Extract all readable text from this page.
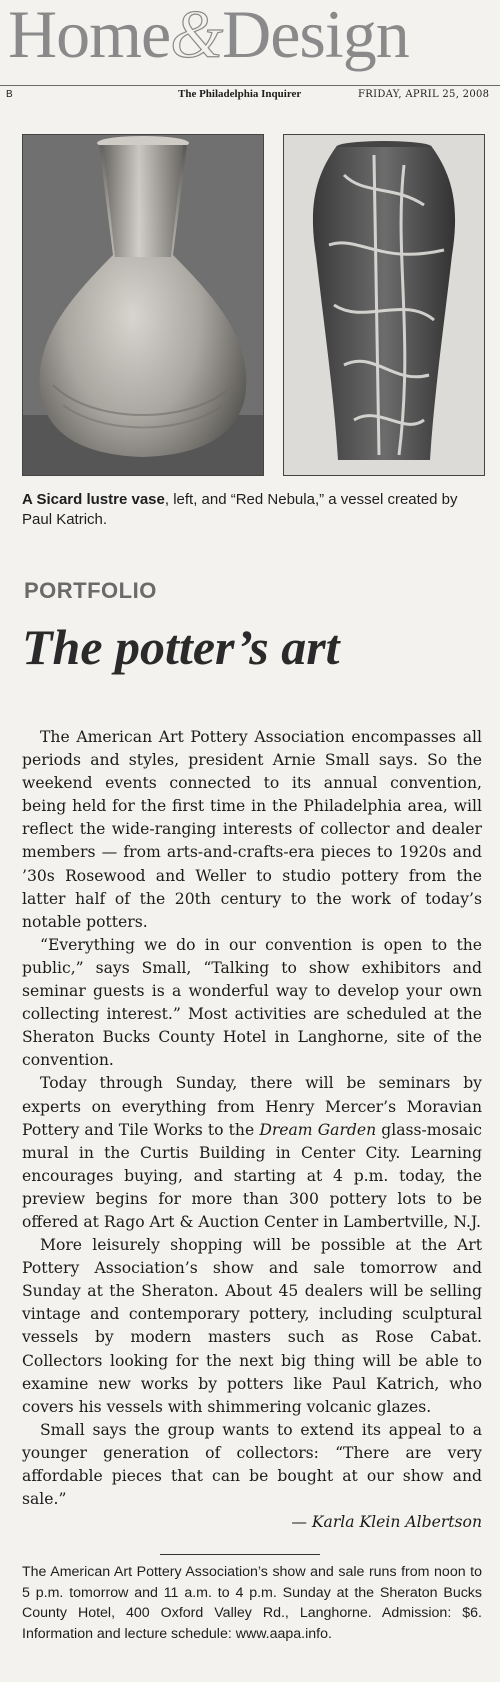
Home&Design
B	The Philadelphia Inquirer	FRIDAY, APRIL 25, 2008

A Sicard lustre vase, left, and “Red Nebula,” a vessel created by Paul Katrich.

PORTFOLIO
The potter’s art

The American Art Pottery Association encompasses all periods and styles, president Arnie Small says. So the weekend events connected to its annual convention, being held for the first time in the Philadelphia area, will reflect the wide-ranging interests of collector and dealer members — from arts-and-crafts-era pieces to 1920s and ’30s Rosewood and Weller to studio pottery from the latter half of the 20th century to the work of today’s notable potters.

“Everything we do in our convention is open to the public,” says Small, “Talking to show exhibitors and seminar guests is a wonderful way to develop your own collecting interest.” Most activities are scheduled at the Sheraton Bucks County Hotel in Langhorne, site of the convention.

Today through Sunday, there will be seminars by experts on everything from Henry Mercer’s Moravian Pottery and Tile Works to the Dream Garden glass-mosaic mural in the Curtis Building in Center City. Learning encourages buying, and starting at 4 p.m. today, the preview begins for more than 300 pottery lots to be offered at Rago Art & Auction Center in Lambertville, N.J.

More leisurely shopping will be possible at the Art Pottery Association’s show and sale tomorrow and Sunday at the Sheraton. About 45 dealers will be selling vintage and contemporary pottery, including sculptural vessels by modern masters such as Rose Cabat. Collectors looking for the next big thing will be able to examine new works by potters like Paul Katrich, who covers his vessels with shimmering volcanic glazes.

Small says the group wants to extend its appeal to a younger generation of collectors: “There are very affordable pieces that can be bought at our show and sale.”

— Karla Klein Albertson

The American Art Pottery Association’s show and sale runs from noon to 5 p.m. tomorrow and 11 a.m. to 4 p.m. Sunday at the Sheraton Bucks County Hotel, 400 Oxford Valley Rd., Langhorne. Admission: $6. Information and lecture schedule: www.aapa.info.
